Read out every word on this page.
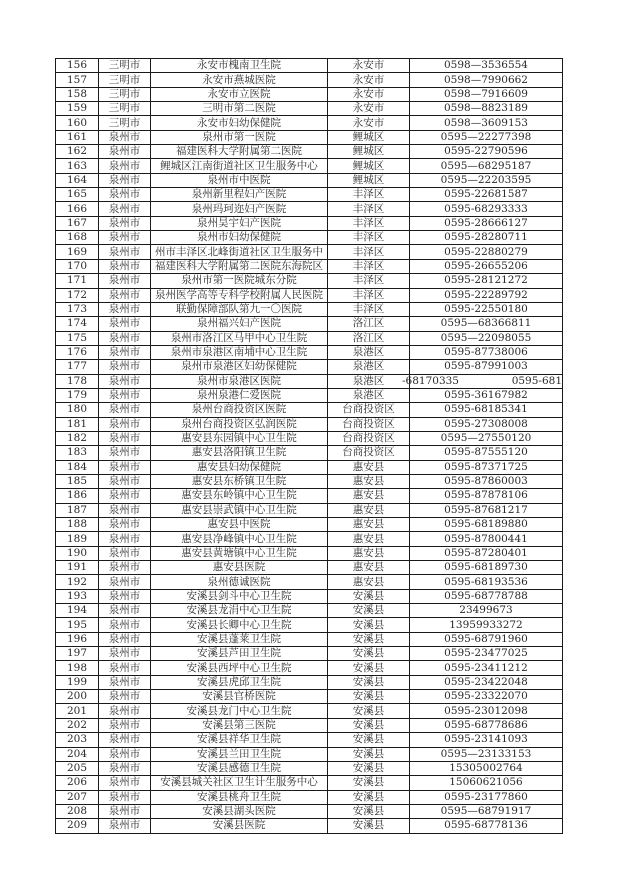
156	三明市	永安市槐南卫生院	永安市	0598—3536554
157	三明市	永安市燕城医院	永安市	0598—7990662
158	三明市	永安市立医院	永安市	0598—7916609
159	三明市	三明市第二医院	永安市	0598—8823189
160	三明市	永安市妇幼保健院	永安市	0598—3609153
161	泉州市	泉州市第一医院	鲤城区	0595—22277398
162	泉州市	福建医科大学附属第二医院	鲤城区	0595-22790596
163	泉州市	鲤城区江南街道社区卫生服务中心	鲤城区	0595—68295187
164	泉州市	泉州市中医院	鲤城区	0595—22203595
165	泉州市	泉州新里程妇产医院	丰泽区	0595-22681587
166	泉州市	泉州玛珂迩妇产医院	丰泽区	0595-68293333
167	泉州市	泉州昊宇妇产医院	丰泽区	0595-28666127
168	泉州市	泉州市妇幼保健院	丰泽区	0595-28280711
169	泉州市	州市丰泽区北峰街道社区卫生服务中	丰泽区	0595-22880279
170	泉州市	福建医科大学附属第二医院东海院区	丰泽区	0595-26655206
171	泉州市	泉州市第一医院城东分院	丰泽区	0595-28121272
172	泉州市	泉州医学高等专科学校附属人民医院	丰泽区	0595-22289792
173	泉州市	联勤保障部队第九一〇医院	丰泽区	0595-22550180
174	泉州市	泉州福兴妇产医院	洛江区	0595—68366811
175	泉州市	泉州市洛江区马甲中心卫生院	洛江区	0595—22098055
176	泉州市	泉州市泉港区南埔中心卫生院	泉港区	0595-87738006
177	泉州市	泉州市泉港区妇幼保健院	泉港区	0595-87991003
178	泉州市	泉州市泉港区医院	泉港区	-68170335 0595-681

179	泉州市	泉州泉港仁爱医院	泉港区	0595-36167982
180	泉州市	泉州台商投资区医院	台商投资区	0595-68185341
181	泉州市	泉州台商投资区弘润医院	台商投资区	0595-27308008
182	泉州市	惠安县东园镇中心卫生院	台商投资区	0595—27550120
183	泉州市	惠安县洛阳镇卫生院	台商投资区	0595-87555120
184	泉州市	惠安县妇幼保健院	惠安县	0595-87371725
185	泉州市	惠安县东桥镇卫生院	惠安县	0595-87860003
186	泉州市	惠安县东岭镇中心卫生院	惠安县	0595-87878106
187	泉州市	惠安县崇武镇中心卫生院	惠安县	0595-87681217
188	泉州市	惠安县中医院	惠安县	0595-68189880
189	泉州市	惠安县净峰镇中心卫生院	惠安县	0595-87800441
190	泉州市	惠安县黄塘镇中心卫生院	惠安县	0595-87280401
191	泉州市	惠安县医院	惠安县	0595-68189730
192	泉州市	泉州德诚医院	惠安县	0595-68193536
193	泉州市	安溪县剑斗中心卫生院	安溪县	0595-68778788
194	泉州市	安溪县龙涓中心卫生院	安溪县	23499673
195	泉州市	安溪县长卿中心卫生院	安溪县	13959933272
196	泉州市	安溪县蓬莱卫生院	安溪县	0595-68791960
197	泉州市	安溪县芦田卫生院	安溪县	0595-23477025
198	泉州市	安溪县西坪中心卫生院	安溪县	0595-23411212
199	泉州市	安溪县虎邱卫生院	安溪县	0595-23422048
200	泉州市	安溪县官桥医院	安溪县	0595-23322070
201	泉州市	安溪县龙门中心卫生院	安溪县	0595-23012098
202	泉州市	安溪县第三医院	安溪县	0595-68778686
203	泉州市	安溪县祥华卫生院	安溪县	0595-23141093
204	泉州市	安溪县兰田卫生院	安溪县	0595—23133153
205	泉州市	安溪县感德卫生院	安溪县	15305002764
206	泉州市	安溪县城关社区卫生计生服务中心	安溪县	15060621056
207	泉州市	安溪县桃舟卫生院	安溪县	0595-23177860
208	泉州市	安溪县湖头医院	安溪县	0595—68791917
209	泉州市	安溪县医院	安溪县	0595-68778136
